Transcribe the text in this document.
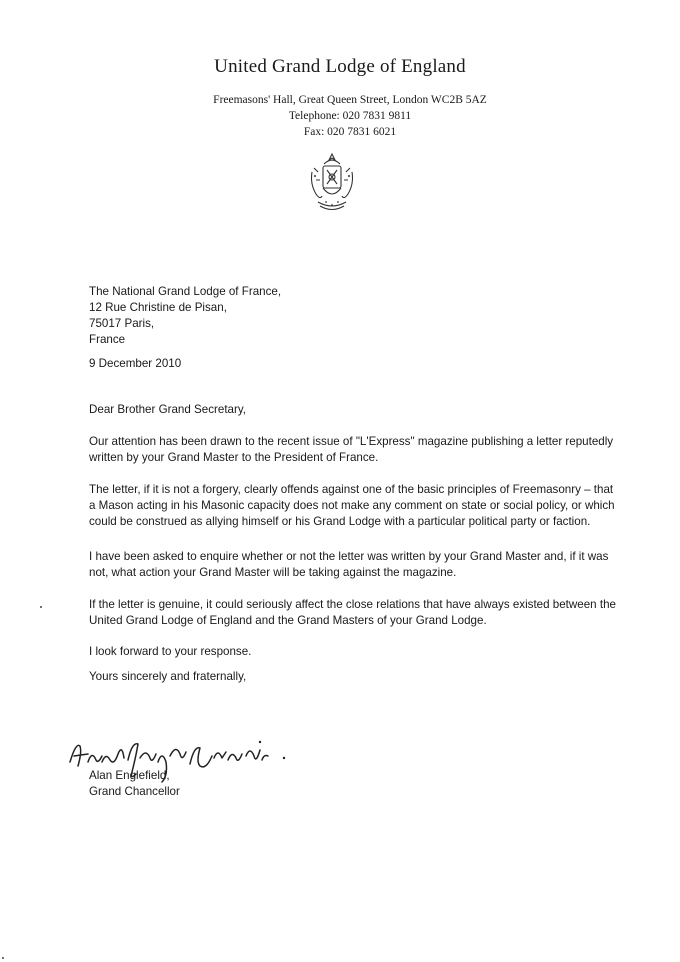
United Grand Lodge of England
Freemasons' Hall, Great Queen Street, London WC2B 5AZ
Telephone: 020 7831 9811
Fax: 020 7831 6021
The National Grand Lodge of France,
12 Rue Christine de Pisan,
75017 Paris,
France
9 December 2010
Dear Brother Grand Secretary,
Our attention has been drawn to the recent issue of "L'Express" magazine publishing a letter reputedly written by your Grand Master to the President of France.
The letter, if it is not a forgery, clearly offends against one of the basic principles of Freemasonry – that a Mason acting in his Masonic capacity does not make any comment on state or social policy, or which could be construed as allying himself or his Grand Lodge with a particular political party or faction.
I have been asked to enquire whether or not the letter was written by your Grand Master and, if it was not, what action your Grand Master will be taking against the magazine.
If the letter is genuine, it could seriously affect the close relations that have always existed between the United Grand Lodge of England and the Grand Masters of your Grand Lodge.
I look forward to your response.
Yours sincerely and fraternally,
Alan Englefield,
Grand Chancellor
